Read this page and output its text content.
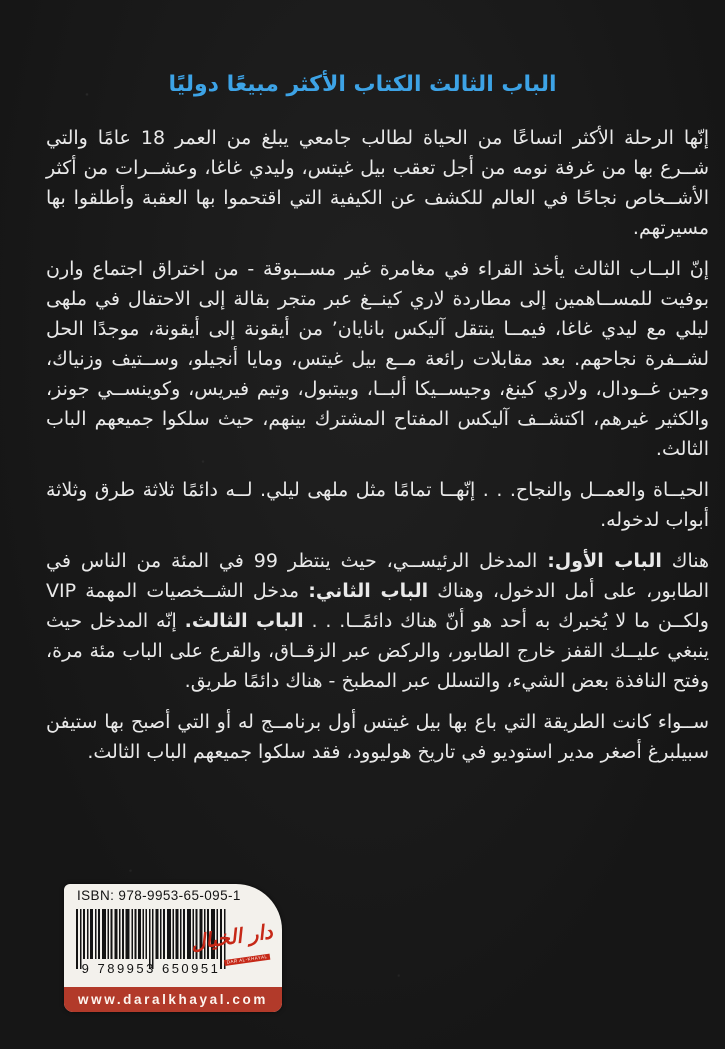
الباب الثالث الكتاب الأكثر مبيعًا دوليًا

إنّها الرحلة الأكثر اتساعًا من الحياة لطالب جامعي يبلغ من العمر 18 عامًا والتي شــرع بها من غرفة نومه من أجل تعقب بيل غيتس، وليدي غاغا، وعشــرات من أكثر الأشــخاص نجاحًا في العالم للكشف عن الكيفية التي اقتحموا بها العقبة وأطلقوا بها مسيرتهم.

إنّ البــاب الثالث يأخذ القراء في مغامرة غير مســبوقة - من اختراق اجتماع وارن بوفيت للمســاهمين إلى مطاردة لاري كينــغ عبر متجر بقالة إلى الاحتفال في ملهى ليلي مع ليدي غاغا، فيمــا ينتقل آليكس بانايان’ من أيقونة إلى أيقونة، موجدًا الحل لشــفرة نجاحهم. بعد مقابلات رائعة مــع بيل غيتس، ومايا أنجيلو، وســتيف وزنياك، وجين غــودال، ولاري كينغ، وجيســيكا ألبــا، وبيتبول، وتيم فيريس، وكوينســي جونز، والكثير غيرهم، اكتشــف آليكس المفتاح المشترك بينهم، حيث سلكوا جميعهم الباب الثالث.

الحيــاة والعمــل والنجاح. . . إنّهــا تمامًا مثل ملهى ليلي. لــه دائمًا ثلاثة طرق وثلاثة أبواب لدخوله.

هناك الباب الأول: المدخل الرئيســي، حيث ينتظر 99 في المئة من الناس في الطابور، على أمل الدخول، وهناك الباب الثاني: مدخل الشــخصيات المهمة VIP ولكــن ما لا يُخبرك به أحد هو أنّ هناك دائمًــا. . . الباب الثالث. إنّه المدخل حيث ينبغي عليــك القفز خارج الطابور، والركض عبر الزقــاق، والقرع على الباب مئة مرة، وفتح النافذة بعض الشيء، والتسلل عبر المطبخ - هناك دائمًا طريق.

ســواء كانت الطريقة التي باع بها بيل غيتس أول برنامــج له أو التي أصبح بها ستيفن سبيلبرغ أصغر مدير استوديو في تاريخ هوليوود، فقد سلكوا جميعهم الباب الثالث.

ISBN: 978-9953-65-095-1
9 789953 650951
دار الخيال
DAR AL-KHAYAL
www.daralkhayal.com
